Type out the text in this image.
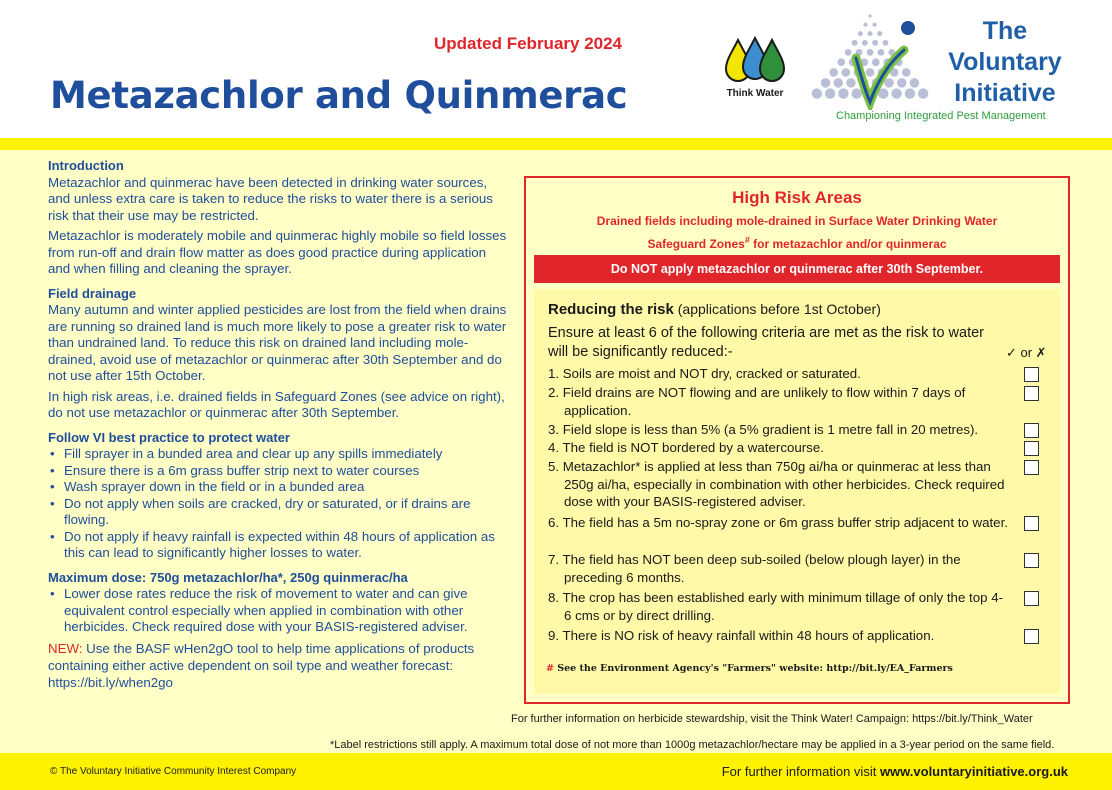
Updated February 2024
Metazachlor and Quinmerac	Think Water
The
Voluntary
Initiative
Championing Integrated Pest Management
Introduction

Metazachlor and quinmerac have been detected in drinking water sources, and unless extra care is taken to reduce the risks to water there is a serious risk that their use may be restricted.

Metazachlor is moderately mobile and quinmerac highly mobile so field losses from run-off and drain flow matter as does good practice during application and when filling and cleaning the sprayer.

Field drainage

Many autumn and winter applied pesticides are lost from the field when drains are running so drained land is much more likely to pose a greater risk to water than undrained land. To reduce this risk on drained land including mole-drained, avoid use of metazachlor or quinmerac after 30th September and do not use after 15th October.

In high risk areas, i.e. drained fields in Safeguard Zones (see advice on right), do not use metazachlor or quinmerac after 30th September.

Follow VI best practice to protect water
• Fill sprayer in a bunded area and clear up any spills immediately
• Ensure there is a 6m grass buffer strip next to water courses
• Wash sprayer down in the field or in a bunded area
• Do not apply when soils are cracked, dry or saturated, or if drains are flowing.
• Do not apply if heavy rainfall is expected within 48 hours of application as this can lead to significantly higher losses to water.
Maximum dose: 750g metazachlor/ha*, 250g quinmerac/ha
• Lower dose rates reduce the risk of movement to water and can give equivalent control especially when applied in combination with other herbicides. Check required dose with your BASIS-registered adviser.

NEW: Use the BASF wHen2gO tool to help time applications of products containing either active dependent on soil type and weather forecast: https://bit.ly/when2go

High Risk Areas
Drained fields including mole-drained in Surface Water Drinking Water
Safeguard Zones# for metazachlor and/or quinmerac
Do NOT apply metazachlor or quinmerac after 30th September.
Reducing the risk (applications before 1st October)
Ensure at least 6 of the following criteria are met as the risk to water will be significantly reduced:-	✓ or ✗
1. Soils are moist and NOT dry, cracked or saturated.
2. Field drains are NOT flowing and are unlikely to flow within 7 days of application.
3. Field slope is less than 5% (a 5% gradient is 1 metre fall in 20 metres).
4. The field is NOT bordered by a watercourse.
5. Metazachlor* is applied at less than 750g ai/ha or quinmerac at less than 250g ai/ha, especially in combination with other herbicides. Check required dose with your BASIS-registered adviser.
6. The field has a 5m no-spray zone or 6m grass buffer strip adjacent to water.
7. The field has NOT been deep sub-soiled (below plough layer) in the preceding 6 months.
8. The crop has been established early with minimum tillage of only the top 4-6 cms or by direct drilling.
9. There is NO risk of heavy rainfall within 48 hours of application.
# See the Environment Agency's "Farmers" website: http://bit.ly/EA_Farmers
For further information on herbicide stewardship, visit the Think Water! Campaign: https://bit.ly/Think_Water
*Label restrictions still apply. A maximum total dose of not more than 1000g metazachlor/hectare may be applied in a 3-year period on the same field.
© The Voluntary Initiative Community Interest Company	For further information visit www.voluntaryinitiative.org.uk
